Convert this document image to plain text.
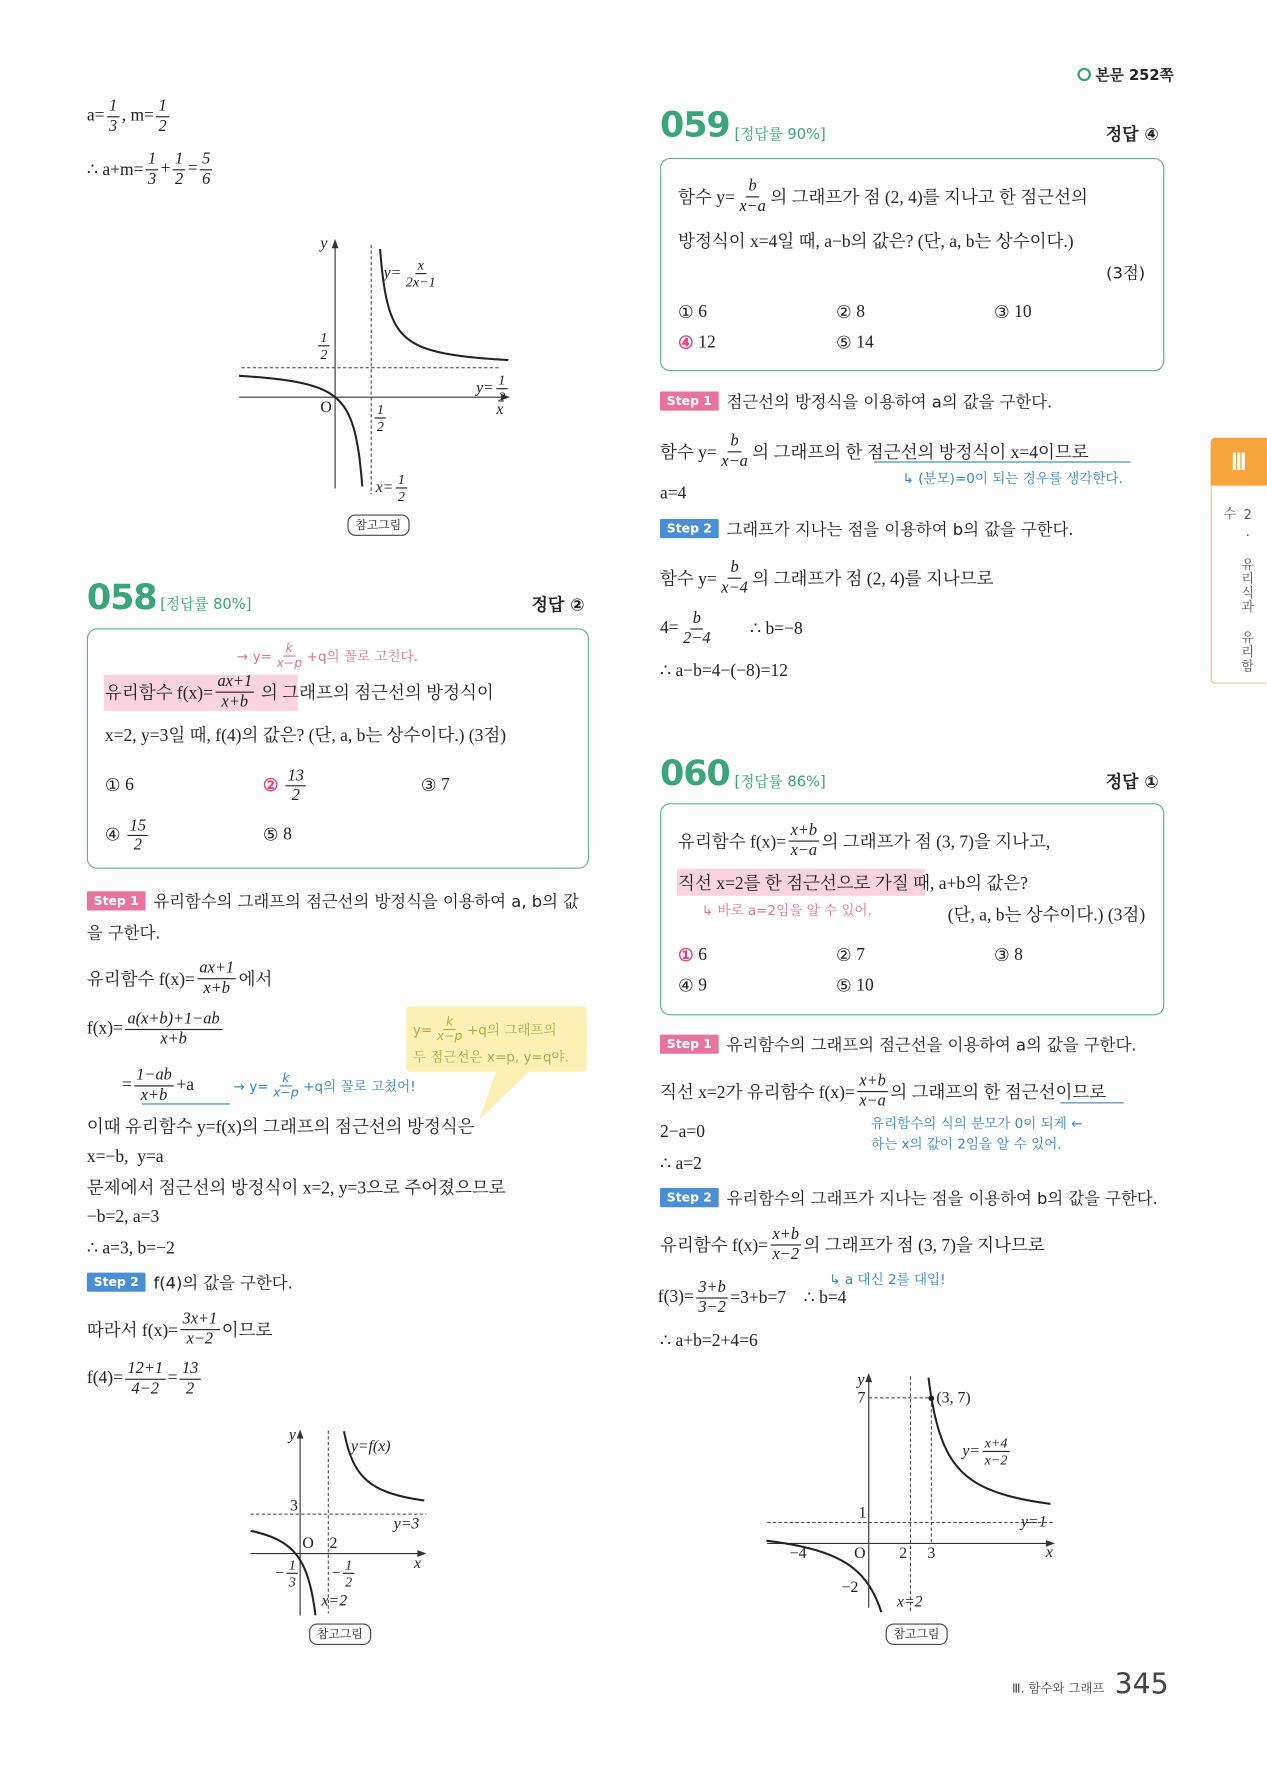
본문 252쪽
$a= \frac{1}{3}$ , $m= \frac{1}{2}$
∴ $a+m= \frac{1}{3} + \frac{1}{2} = \frac{5}{6}$
y
x
O
$y= \frac{x}{2x-1}$
$\frac{1}{2}$
$y= \frac{1}{2}$
$\frac{1}{2}$
$x= \frac{1}{2}$
참고그림
058 [정답률 80%]	정답 ②
→ $y= \frac{k}{x-p} +q$의 꼴로 고친다.
유리함수 $f(x)= \frac{ax+1}{x+b}$ 의 그래프의 점근선의 방정식이
x=2, y=3일 때, f(4)의 값은? (단, a, b는 상수이다.) (3점)
① 6	② $\frac{13}{2}$	③ 7
④ $\frac{15}{2}$	⑤ 8
Step 1 유리함수의 그래프의 점근선의 방정식을 이용하여 a, b의 값을 구한다.
유리함수 $f(x)= \frac{ax+1}{x+b}$ 에서
$f(x)= \frac{a(x+b)+1-ab}{x+b}$
= $\frac{1-ab}{x+b} +a$	→ $y= \frac{k}{x-p} +q$의 꼴로 고쳤어!
$y= \frac{k}{x-p} +q$의 그래프의
두 점근선은 x=p, y=q야.
이때 유리함수 y=f(x)의 그래프의 점근선의 방정식은
x=−b,  y=a
문제에서 점근선의 방정식이 x=2, y=3으로 주어졌으므로
−b=2, a=3
∴ a=3, b=−2
Step 2 f(4)의 값을 구한다.
따라서 $f(x)= \frac{3x+1}{x-2}$ 이므로
$f(4)= \frac{12+1}{4-2} = \frac{13}{2}$
y
x
y=f(x)
3
y=3
O 2
− $\frac{1}{3} - \frac{1}{2}$
x=2
참고그림
059 [정답률 90%]	정답 ④
함수 $y= \frac{b}{x-a}$ 의 그래프가 점 (2, 4)를 지나고 한 점근선의
방정식이 x=4일 때, a−b의 값은? (단, a, b는 상수이다.)
(3점)
① 6	② 8	③ 10
④ 12	⑤ 14
Step 1 점근선의 방정식을 이용하여 a의 값을 구한다.
함수 $y= \frac{b}{x-a}$ 의 그래프의 한 점근선의 방정식이 x=4이므로
↳ (분모)=0이 되는 경우를 생각한다.
a=4
Step 2 그래프가 지나는 점을 이용하여 b의 값을 구한다.
함수 $y= \frac{b}{x-4}$ 의 그래프가 점 (2, 4)를 지나므로
$4= \frac{b}{2-4}$ ∴ b=−8
∴ a−b=4−(−8)=12
060 [정답률 86%]	정답 ①
유리함수 $f(x)= \frac{x+b}{x-a}$ 의 그래프가 점 (3, 7)을 지나고,
직선 x=2를 한 점근선으로 가질 때, a+b의 값은?
↳ 바로 a=2임을 알 수 있어.	(단, a, b는 상수이다.) (3점)
① 6	② 7	③ 8
④ 9	⑤ 10
Step 1 유리함수의 그래프의 점근선을 이용하여 a의 값을 구한다.
직선 x=2가 유리함수 $f(x)= \frac{x+b}{x-a}$ 의 그래프의 한 점근선이므로
유리함수의 식의 분모가 0이 되게 ←
하는 x의 값이 2임을 알 수 있어.
2−a=0
∴ a=2
Step 2 유리함수의 그래프가 지나는 점을 이용하여 b의 값을 구한다.
유리함수 $f(x)= \frac{x+b}{x-2}$ 의 그래프가 점 (3, 7)을 지나므로
↳ a 대신 2를 대입!
$f(3)= \frac{3+b}{3-2} =3+b=7$    ∴ b=4
∴ a+b=2+4=6
y
x
7	(3, 7)
$y= \frac{x+4}{x-2}$
1
y=1
−4	O 2 3
−2
x=2
참고그림
Ⅲ
2. 유리식과 유리함수
Ⅲ. 함수와 그래프 345
